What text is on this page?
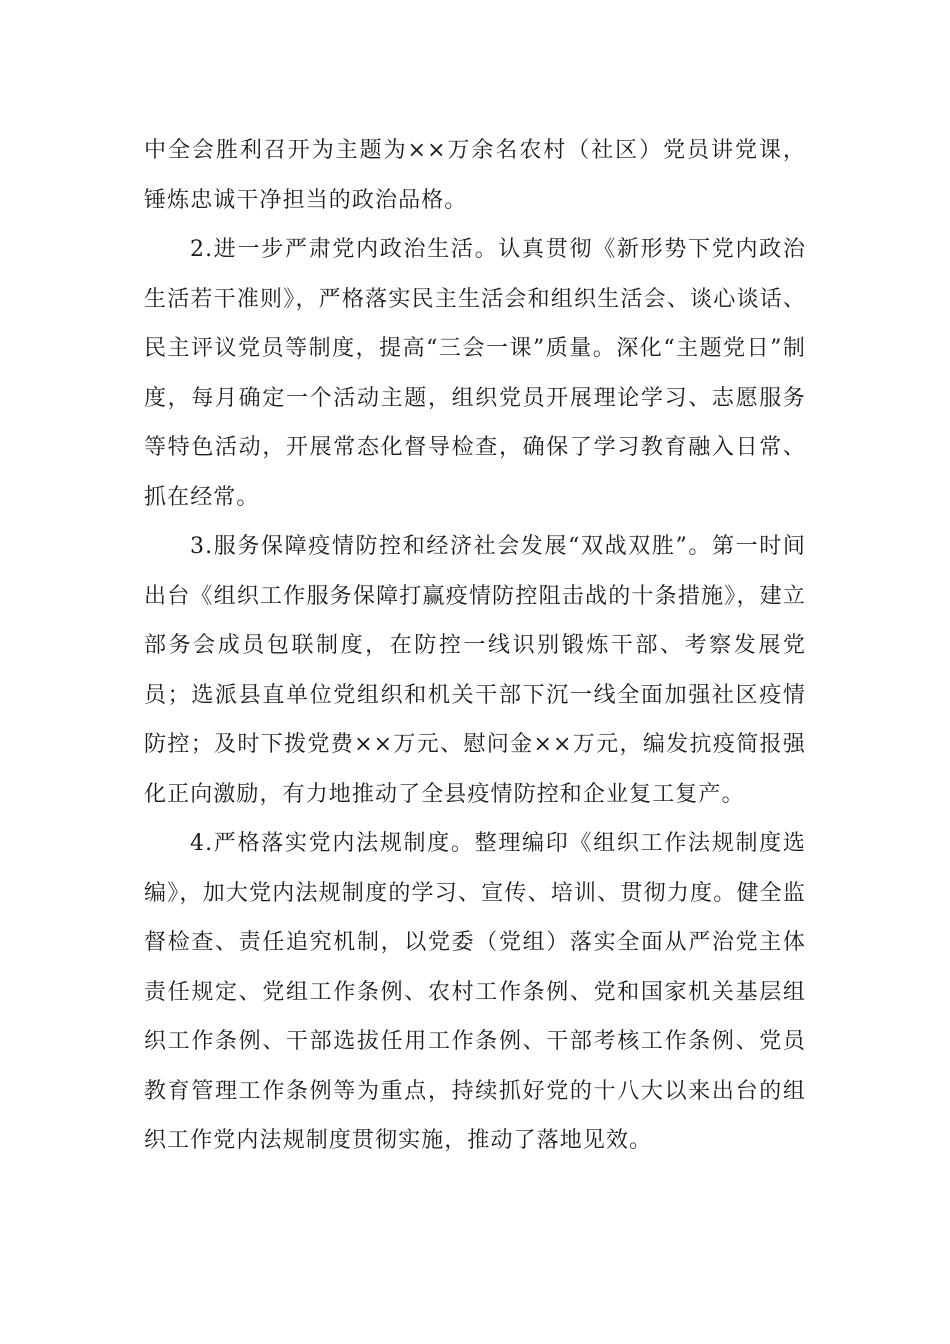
中全会胜利召开为主题为××万余名农村（社区）党员讲党课，锤炼忠诚干净担当的政治品格。

2.进一步严肃党内政治生活。认真贯彻《新形势下党内政治生活若干准则》，严格落实民主生活会和组织生活会、谈心谈话、民主评议党员等制度，提高“三会一课”质量。深化“主题党日”制度，每月确定一个活动主题，组织党员开展理论学习、志愿服务等特色活动，开展常态化督导检查，确保了学习教育融入日常、抓在经常。

3.服务保障疫情防控和经济社会发展“双战双胜”。第一时间出台《组织工作服务保障打赢疫情防控阻击战的十条措施》，建立部务会成员包联制度，在防控一线识别锻炼干部、考察发展党员；选派县直单位党组织和机关干部下沉一线全面加强社区疫情防控；及时下拨党费××万元、慰问金××万元，编发抗疫简报强化正向激励，有力地推动了全县疫情防控和企业复工复产。

4.严格落实党内法规制度。整理编印《组织工作法规制度选编》，加大党内法规制度的学习、宣传、培训、贯彻力度。健全监督检查、责任追究机制，以党委（党组）落实全面从严治党主体责任规定、党组工作条例、农村工作条例、党和国家机关基层组织工作条例、干部选拔任用工作条例、干部考核工作条例、党员教育管理工作条例等为重点，持续抓好党的十八大以来出台的组织工作党内法规制度贯彻实施，推动了落地见效。
